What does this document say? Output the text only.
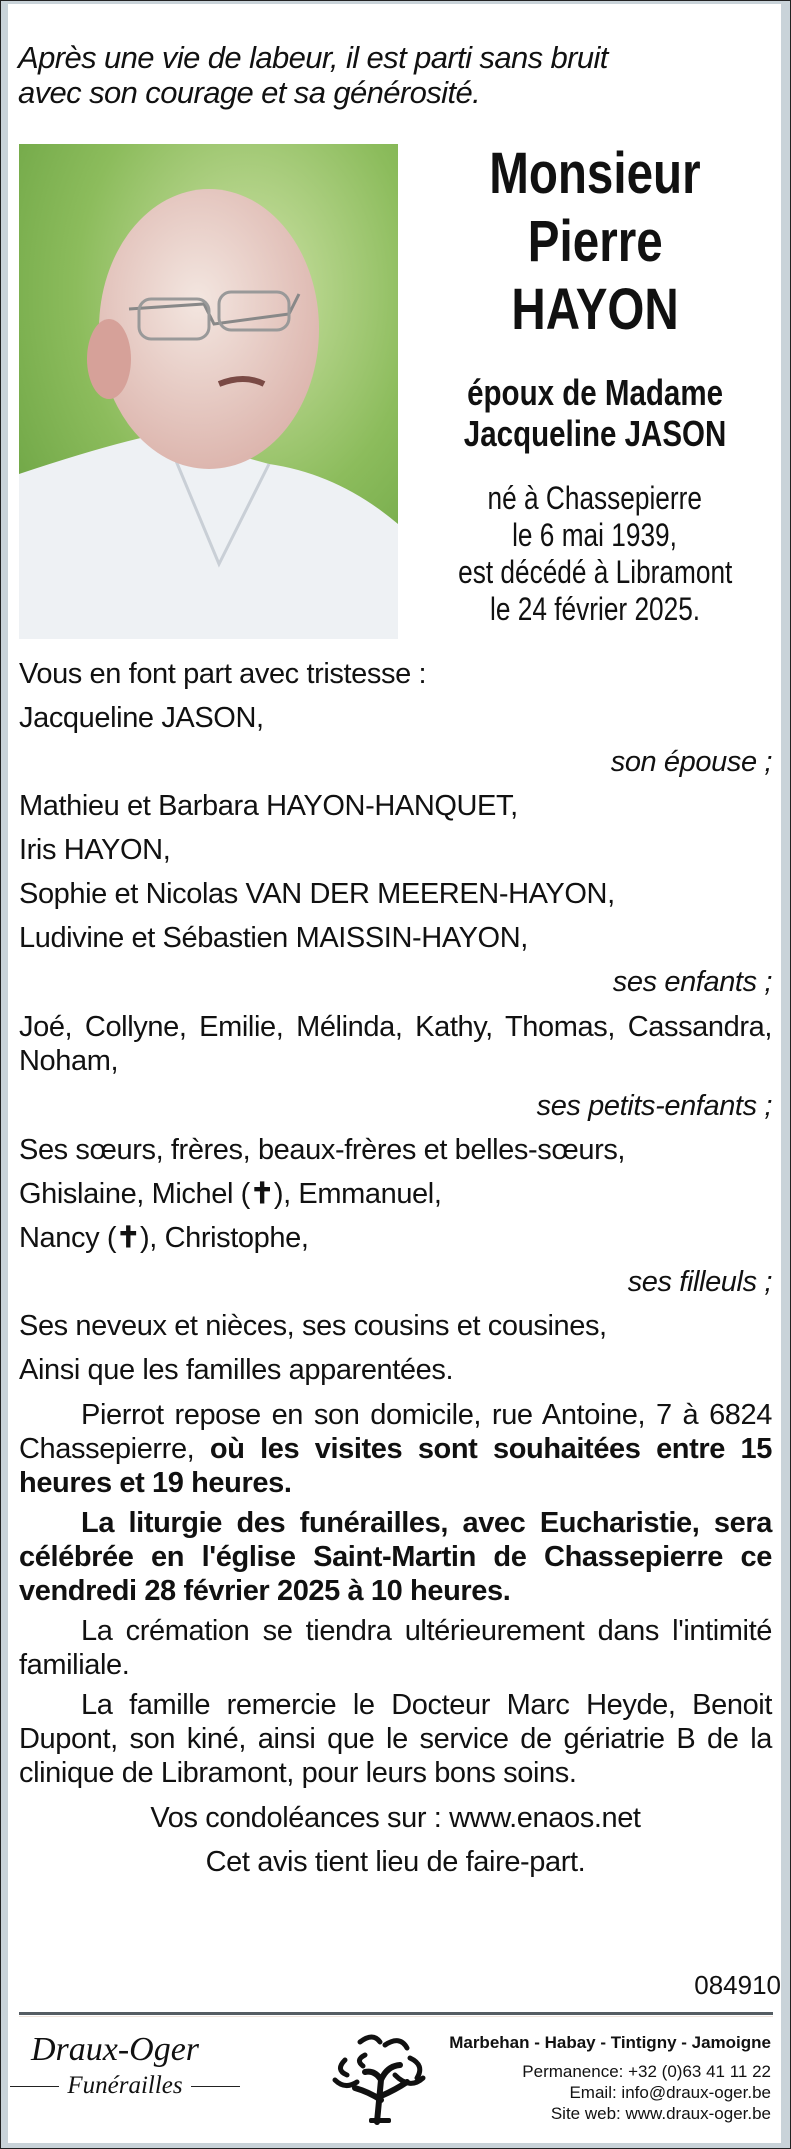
Après une vie de labeur, il est parti sans bruit
avec son courage et sa générosité.
Monsieur
Pierre
HAYON
époux de Madame
Jacqueline JASON
né à Chassepierre
le 6 mai 1939,
est décédé à Libramont
le 24 février 2025.
Vous en font part avec tristesse :
Jacqueline JASON,
son épouse ;
Mathieu et Barbara HAYON-HANQUET,
Iris HAYON,
Sophie et Nicolas VAN DER MEEREN-HAYON,
Ludivine et Sébastien MAISSIN-HAYON,
ses enfants ;
Joé, Collyne, Emilie, Mélinda, Kathy, Thomas, Cassandra, Noham,
ses petits-enfants ;
Ses sœurs, frères, beaux-frères et belles-sœurs,
Ghislaine, Michel (✝), Emmanuel,
Nancy (✝), Christophe,
ses filleuls ;
Ses neveux et nièces, ses cousins et cousines,
Ainsi que les familles apparentées.
Pierrot repose en son domicile, rue Antoine, 7 à 6824 Chassepierre, où les visites sont souhaitées entre 15 heures et 19 heures.
La liturgie des funérailles, avec Eucharistie, sera célébrée en l'église Saint-Martin de Chassepierre ce vendredi 28 février 2025 à 10 heures.
La crémation se tiendra ultérieurement dans l'intimité familiale.
La famille remercie le Docteur Marc Heyde, Benoit Dupont, son kiné, ainsi que le service de gériatrie B de la clinique de Libramont, pour leurs bons soins.
Vos condoléances sur : www.enaos.net
Cet avis tient lieu de faire-part.
084910
Draux-Oger
Funérailles
Marbehan - Habay - Tintigny - Jamoigne
Permanence: +32 (0)63 41 11 22
Email: info@draux-oger.be
Site web: www.draux-oger.be
